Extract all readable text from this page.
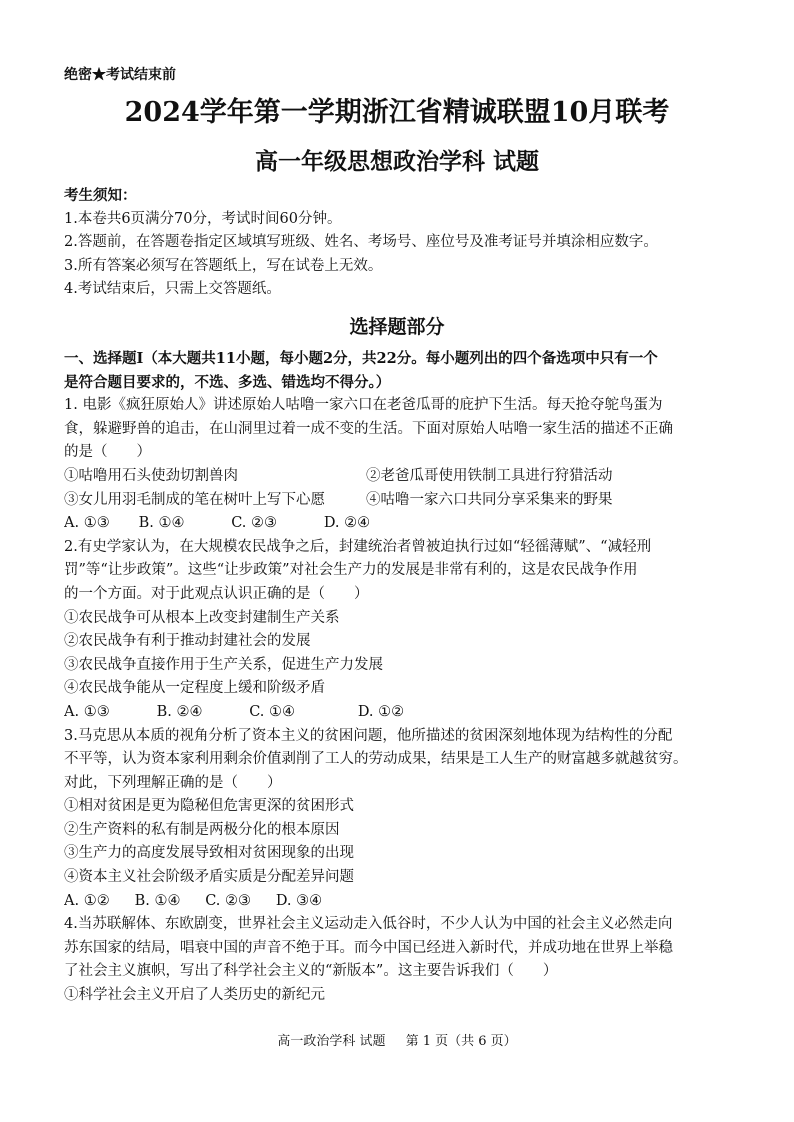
绝密★考试结束前
2024学年第一学期浙江省精诚联盟10月联考
高一年级思想政治学科 试题
考生须知：
1.本卷共6页满分70分，考试时间60分钟。
2.答题前，在答题卷指定区域填写班级、姓名、考场号、座位号及准考证号并填涂相应数字。
3.所有答案必须写在答题纸上，写在试卷上无效。
4.考试结束后，只需上交答题纸。
选择题部分
一、选择题Ⅰ（本大题共11小题，每小题2分，共22分。每小题列出的四个备选项中只有一个
是符合题目要求的，不选、多选、错选均不得分。）
1. 电影《疯狂原始人》讲述原始人咕噜一家六口在老爸瓜哥的庇护下生活。每天抢夺鸵鸟蛋为
食，躲避野兽的追击，在山洞里过着一成不变的生活。下面对原始人咕噜一家生活的描述不正确
的是（　　）
①咕噜用石头使劲切割兽肉	②老爸瓜哥使用铁制工具进行狩猎活动
③女儿用羽毛制成的笔在树叶上写下心愿	④咕噜一家六口共同分享采集来的野果
A. ①③ B. ①④	C. ②③	D. ②④
2.有史学家认为，在大规模农民战争之后，封建统治者曾被迫执行过如“轻徭薄赋”、“减轻刑
罚”等“让步政策”。这些“让步政策”对社会生产力的发展是非常有利的，这是农民战争作用
的一个方面。对于此观点认识正确的是（　　）
①农民战争可从根本上改变封建制生产关系
②农民战争有利于推动封建社会的发展
③农民战争直接作用于生产关系，促进生产力发展
④农民战争能从一定程度上缓和阶级矛盾
A. ①③	B. ②④	C. ①④	D. ①②
3.马克思从本质的视角分析了资本主义的贫困问题，他所描述的贫困深刻地体现为结构性的分配
不平等，认为资本家利用剩余价值剥削了工人的劳动成果，结果是工人生产的财富越多就越贫穷。
对此，下列理解正确的是（　　）
①相对贫困是更为隐秘但危害更深的贫困形式
②生产资料的私有制是两极分化的根本原因
③生产力的高度发展导致相对贫困现象的出现
④资本主义社会阶级矛盾实质是分配差异问题
A. ①② B. ①④ C. ②③ D. ③④
4.当苏联解体、东欧剧变，世界社会主义运动走入低谷时，不少人认为中国的社会主义必然走向
苏东国家的结局，唱衰中国的声音不绝于耳。而今中国已经进入新时代，并成功地在世界上举稳
了社会主义旗帜，写出了科学社会主义的“新版本”。这主要告诉我们（　　）
①科学社会主义开启了人类历史的新纪元
高一政治学科 试题 第 1 页（共 6 页）
